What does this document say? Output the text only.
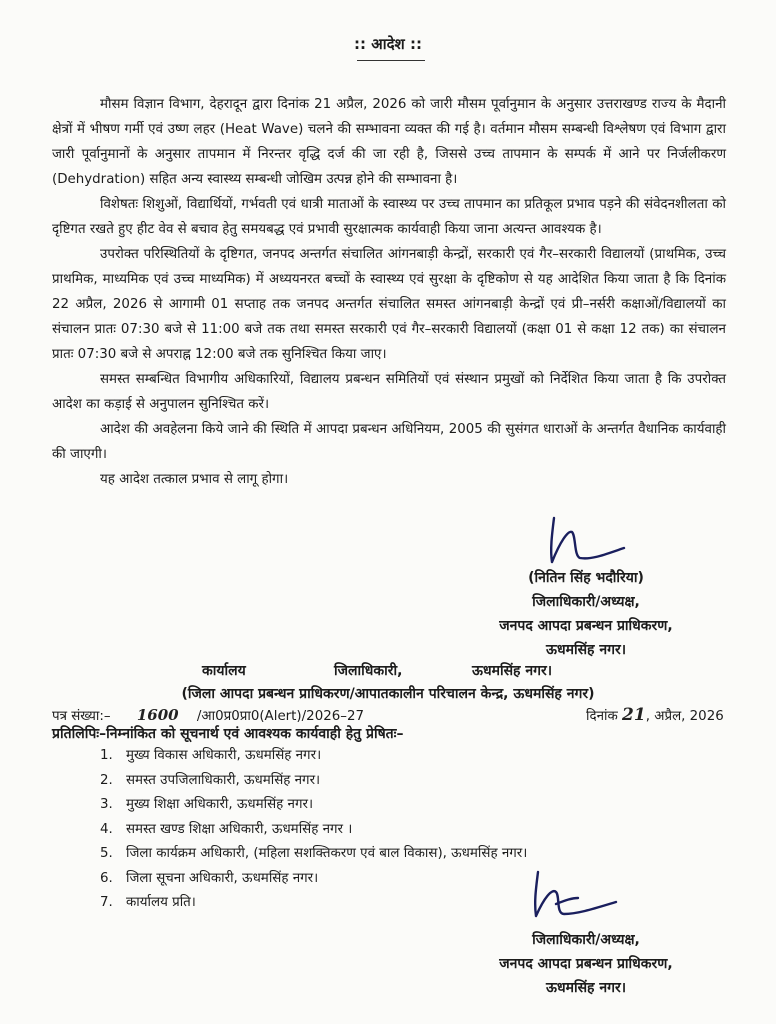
:: आदेश ::

मौसम विज्ञान विभाग, देहरादून द्वारा दिनांक 21 अप्रैल, 2026 को जारी मौसम पूर्वानुमान के अनुसार उत्तराखण्ड राज्य के मैदानी क्षेत्रों में भीषण गर्मी एवं उष्ण लहर (Heat Wave) चलने की सम्भावना व्यक्त की गई है। वर्तमान मौसम सम्बन्धी विश्लेषण एवं विभाग द्वारा जारी पूर्वानुमानों के अनुसार तापमान में निरन्तर वृद्धि दर्ज की जा रही है, जिससे उच्च तापमान के सम्पर्क में आने पर निर्जलीकरण (Dehydration) सहित अन्य स्वास्थ्य सम्बन्धी जोखिम उत्पन्न होने की सम्भावना है।

विशेषतः शिशुओं, विद्यार्थियों, गर्भवती एवं धात्री माताओं के स्वास्थ्य पर उच्च तापमान का प्रतिकूल प्रभाव पड़ने की संवेदनशीलता को दृष्टिगत रखते हुए हीट वेव से बचाव हेतु समयबद्ध एवं प्रभावी सुरक्षात्मक कार्यवाही किया जाना अत्यन्त आवश्यक है।

उपरोक्त परिस्थितियों के दृष्टिगत, जनपद अन्तर्गत संचालित आंगनबाड़ी केन्द्रों, सरकारी एवं गैर–सरकारी विद्यालयों (प्राथमिक, उच्च प्राथमिक, माध्यमिक एवं उच्च माध्यमिक) में अध्ययनरत बच्चों के स्वास्थ्य एवं सुरक्षा के दृष्टिकोण से यह आदेशित किया जाता है कि दिनांक 22 अप्रैल, 2026 से आगामी 01 सप्ताह तक जनपद अन्तर्गत संचालित समस्त आंगनबाड़ी केन्द्रों एवं प्री–नर्सरी कक्षाओं/विद्यालयों का संचालन प्रातः 07:30 बजे से 11:00 बजे तक तथा समस्त सरकारी एवं गैर–सरकारी विद्यालयों (कक्षा 01 से कक्षा 12 तक) का संचालन प्रातः 07:30 बजे से अपराह्न 12:00 बजे तक सुनिश्चित किया जाए।

समस्त सम्बन्धित विभागीय अधिकारियों, विद्यालय प्रबन्धन समितियों एवं संस्थान प्रमुखों को निर्देशित किया जाता है कि उपरोक्त आदेश का कड़ाई से अनुपालन सुनिश्चित करें।

आदेश की अवहेलना किये जाने की स्थिति में आपदा प्रबन्धन अधिनियम, 2005 की सुसंगत धाराओं के अन्तर्गत वैधानिक कार्यवाही की जाएगी।

यह आदेश तत्काल प्रभाव से लागू होगा।

(नितिन सिंह भदौरिया)
जिलाधिकारी/अध्यक्ष,
जनपद आपदा प्रबन्धन प्राधिकरण,
ऊधमसिंह नगर।
कार्यालय	जिलाधिकारी,	ऊधमसिंह नगर।
(जिला आपदा प्रबन्धन प्राधिकरण/आपातकालीन परिचालन केन्द्र, ऊधमसिंह नगर)
पत्र संख्या:– 1600 /आ0प्र0प्रा0(Alert)/2026–27	दिनांक 21, अप्रैल, 2026
प्रतिलिपिः–निम्नांकित को सूचनार्थ एवं आवश्यक कार्यवाही हेतु प्रेषितः–
1. मुख्य विकास अधिकारी, ऊधमसिंह नगर।
2. समस्त उपजिलाधिकारी, ऊधमसिंह नगर।
3. मुख्य शिक्षा अधिकारी, ऊधमसिंह नगर।
4. समस्त खण्ड शिक्षा अधिकारी, ऊधमसिंह नगर ।
5. जिला कार्यक्रम अधिकारी, (महिला सशक्तिकरण एवं बाल विकास), ऊधमसिंह नगर।
6. जिला सूचना अधिकारी, ऊधमसिंह नगर।
7. कार्यालय प्रति।
जिलाधिकारी/अध्यक्ष,
जनपद आपदा प्रबन्धन प्राधिकरण,
ऊधमसिंह नगर।
